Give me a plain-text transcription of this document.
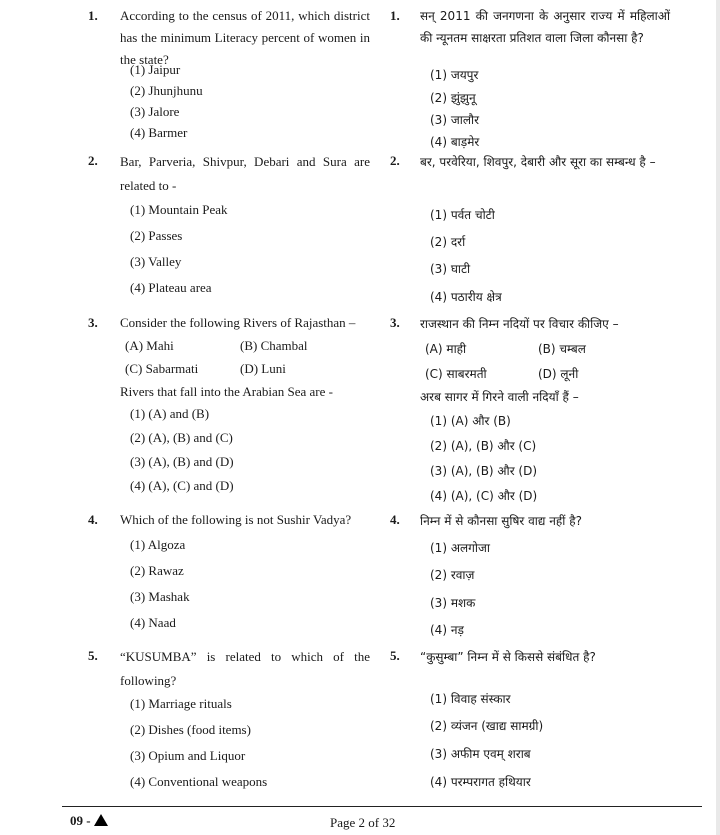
1. According to the census of 2011, which district has the minimum Literacy percent of women in the state?
(1) Jaipur
(2) Jhunjhunu
(3) Jalore
(4) Barmer
1. सन् 2011 की जनगणना के अनुसार राज्य में महिलाओं की न्यूनतम साक्षरता प्रतिशत वाला जिला कौनसा है?
(1) जयपुर
(2) झुंझुनू
(3) जालौर
(4) बाड़मेर
2. Bar, Parveria, Shivpur, Debari and Sura are related to -
(1) Mountain Peak
(2) Passes
(3) Valley
(4) Plateau area
2. बर, परवेरिया, शिवपुर, देबारी और सूरा का सम्बन्ध है –
(1) पर्वत चोटी
(2) दर्रा
(3) घाटी
(4) पठारीय क्षेत्र
3. Consider the following Rivers of Rajasthan –
(A) Mahi	(B) Chambal
(C) Sabarmati	(D) Luni
Rivers that fall into the Arabian Sea are -
(1) (A) and (B)
(2) (A), (B) and (C)
(3) (A), (B) and (D)
(4) (A), (C) and (D)
3. राजस्थान की निम्न नदियों पर विचार कीजिए –
(A) माही	(B) चम्बल
(C) साबरमती	(D) लूनी
अरब सागर में गिरने वाली नदियाँ हैं –
(1) (A) और (B)
(2) (A), (B) और (C)
(3) (A), (B) और (D)
(4) (A), (C) और (D)
4. Which of the following is not Sushir Vadya?
(1) Algoza
(2) Rawaz
(3) Mashak
(4) Naad
4. निम्न में से कौनसा सुषिर वाद्य नहीं है?
(1) अलगोजा
(2) रवाज़
(3) मशक
(4) नड़
5. “KUSUMBA” is related to which of the following?
(1) Marriage rituals
(2) Dishes (food items)
(3) Opium and Liquor
(4) Conventional weapons
5. “कुसुम्बा” निम्न में से किससे संबंधित है?
(1) विवाह संस्कार
(2) व्यंजन (खाद्य सामग्री)
(3) अफीम एवम् शराब
(4) परम्परागत हथियार
09 -	Page 2 of 32
